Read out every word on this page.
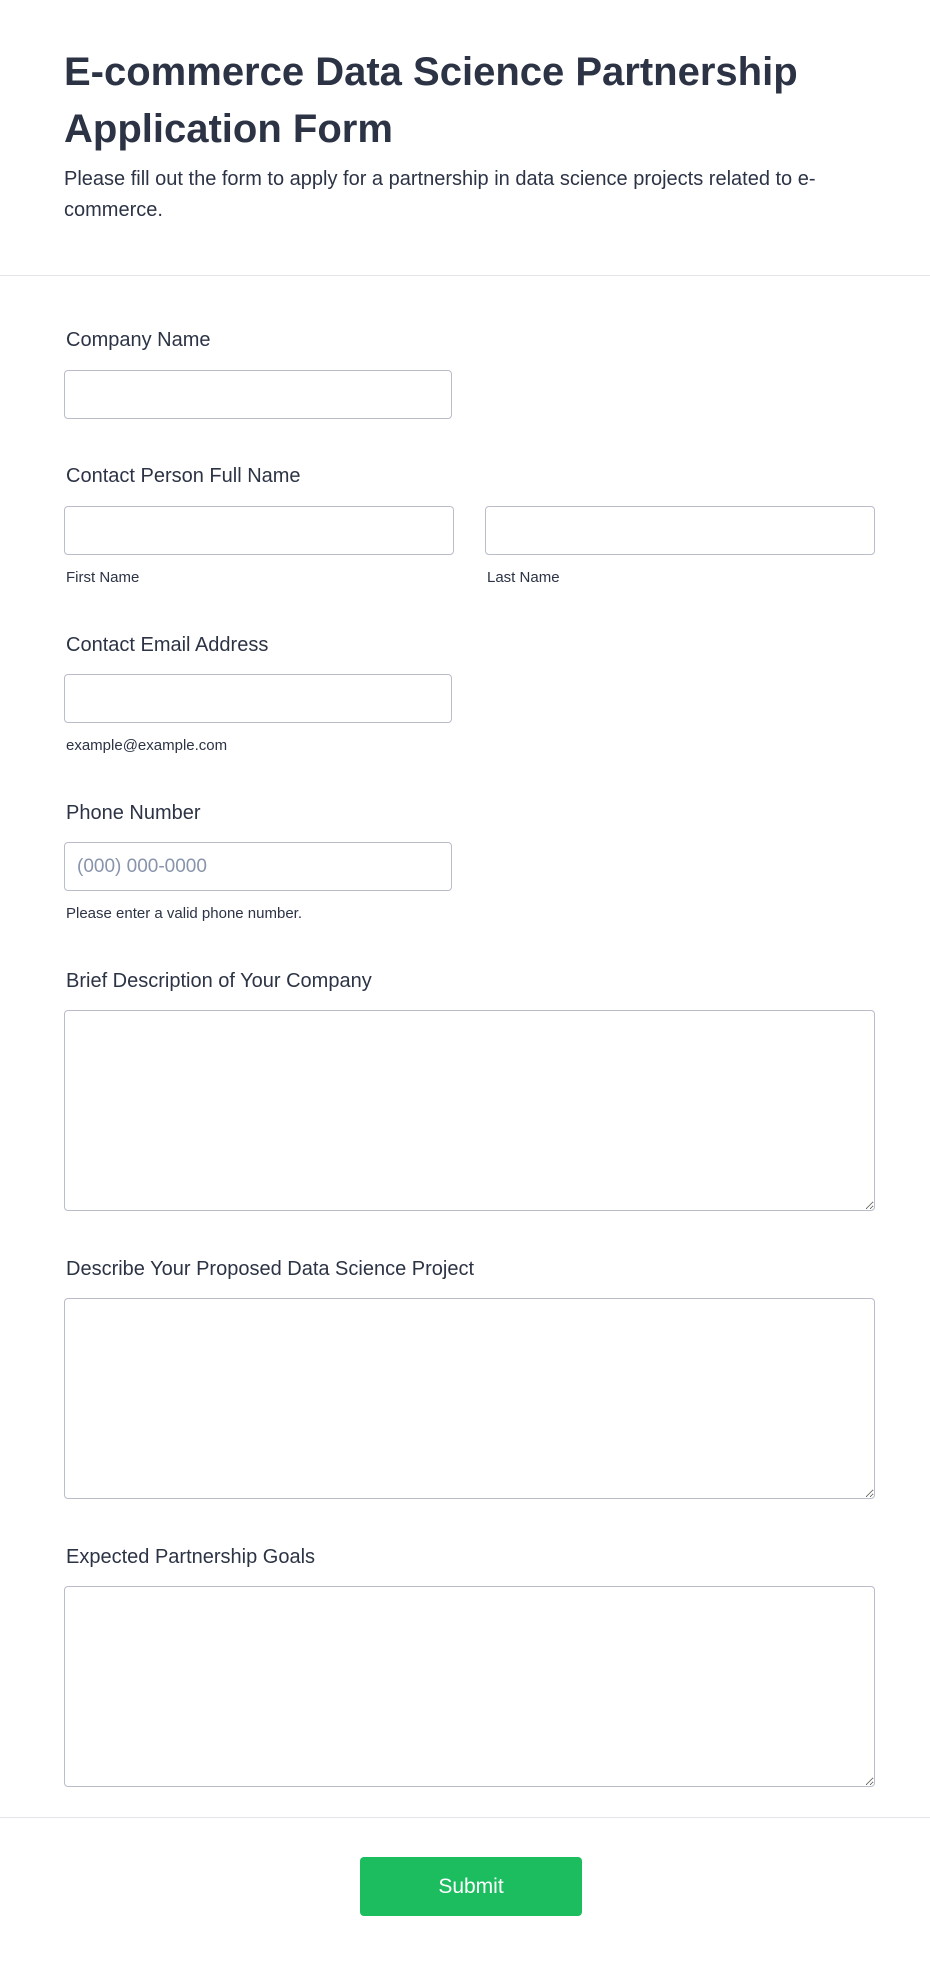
E-commerce Data Science Partnership Application Form

Please fill out the form to apply for a partnership in data science projects related to e-commerce.

Company Name
Contact Person Full Name
First Name	Last Name
Contact Email Address
example@example.com
Phone Number
(000) 000-0000
Please enter a valid phone number.
Brief Description of Your Company
Describe Your Proposed Data Science Project
Expected Partnership Goals
Submit
